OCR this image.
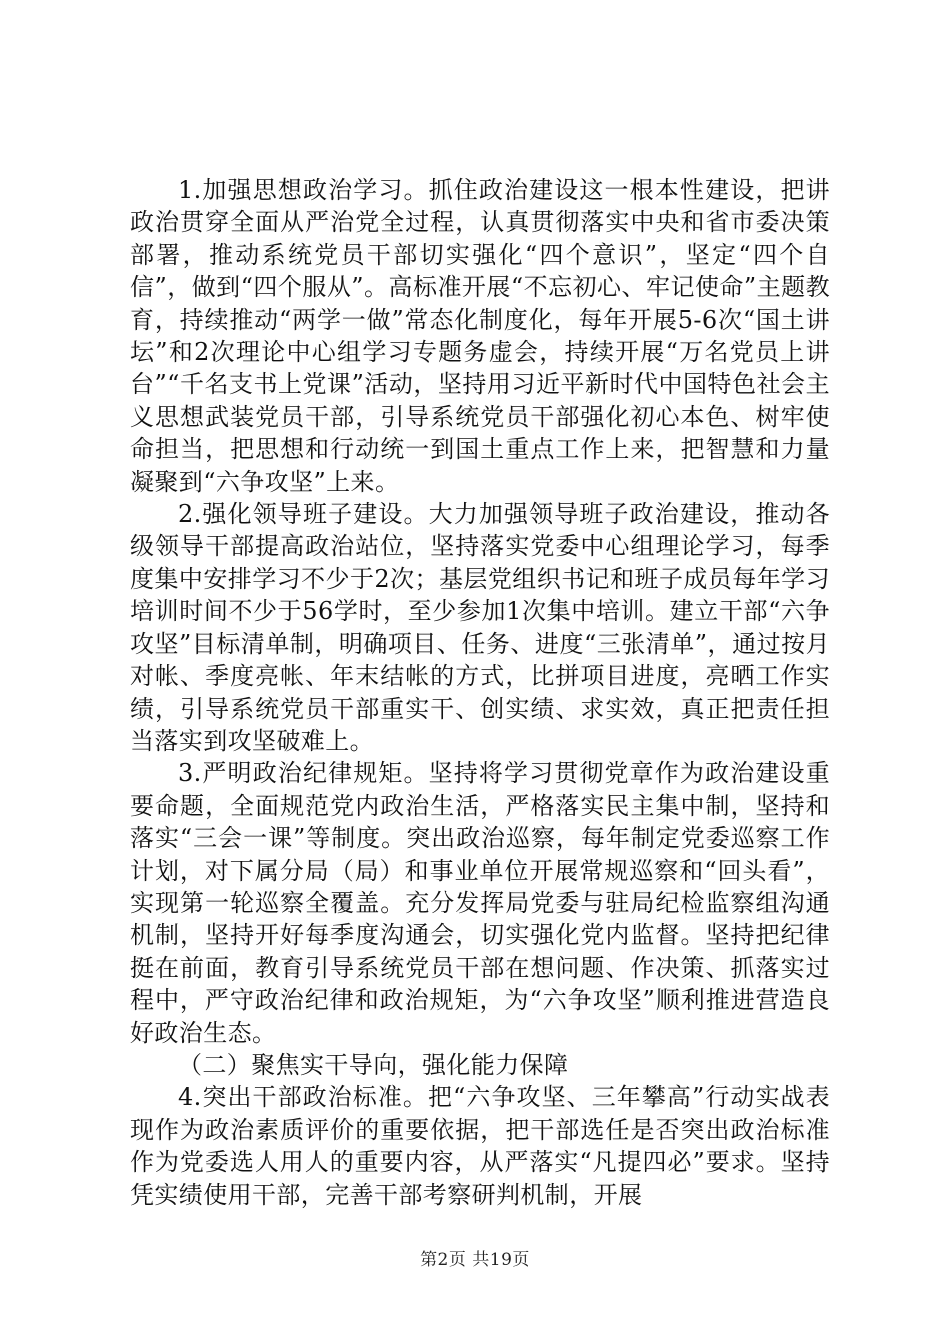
1.加强思想政治学习。抓住政治建设这一根本性建设，把讲政治贯穿全面从严治党全过程，认真贯彻落实中央和省市委决策部署，推动系统党员干部切实强化“四个意识”，坚定“四个自信”，做到“四个服从”。高标准开展“不忘初心、牢记使命”主题教育，持续推动“两学一做”常态化制度化，每年开展5-6次“国土讲坛”和2次理论中心组学习专题务虚会，持续开展“万名党员上讲台”“千名支书上党课”活动，坚持用习近平新时代中国特色社会主义思想武装党员干部，引导系统党员干部强化初心本色、树牢使命担当，把思想和行动统一到国土重点工作上来，把智慧和力量凝聚到“六争攻坚”上来。

2.强化领导班子建设。大力加强领导班子政治建设，推动各级领导干部提高政治站位，坚持落实党委中心组理论学习，每季度集中安排学习不少于2次；基层党组织书记和班子成员每年学习培训时间不少于56学时，至少参加1次集中培训。建立干部“六争攻坚”目标清单制，明确项目、任务、进度“三张清单”，通过按月对帐、季度亮帐、年末结帐的方式，比拼项目进度，亮晒工作实绩，引导系统党员干部重实干、创实绩、求实效，真正把责任担当落实到攻坚破难上。

3.严明政治纪律规矩。坚持将学习贯彻党章作为政治建设重要命题，全面规范党内政治生活，严格落实民主集中制，坚持和落实“三会一课”等制度。突出政治巡察，每年制定党委巡察工作计划，对下属分局（局）和事业单位开展常规巡察和“回头看”，实现第一轮巡察全覆盖。充分发挥局党委与驻局纪检监察组沟通机制，坚持开好每季度沟通会，切实强化党内监督。坚持把纪律挺在前面，教育引导系统党员干部在想问题、作决策、抓落实过程中，严守政治纪律和政治规矩，为“六争攻坚”顺利推进营造良好政治生态。

（二）聚焦实干导向，强化能力保障

4.突出干部政治标准。把“六争攻坚、三年攀高”行动实战表现作为政治素质评价的重要依据，把干部选任是否突出政治标准作为党委选人用人的重要内容，从严落实“凡提四必”要求。坚持凭实绩使用干部，完善干部考察研判机制，开展

第2页 共19页
